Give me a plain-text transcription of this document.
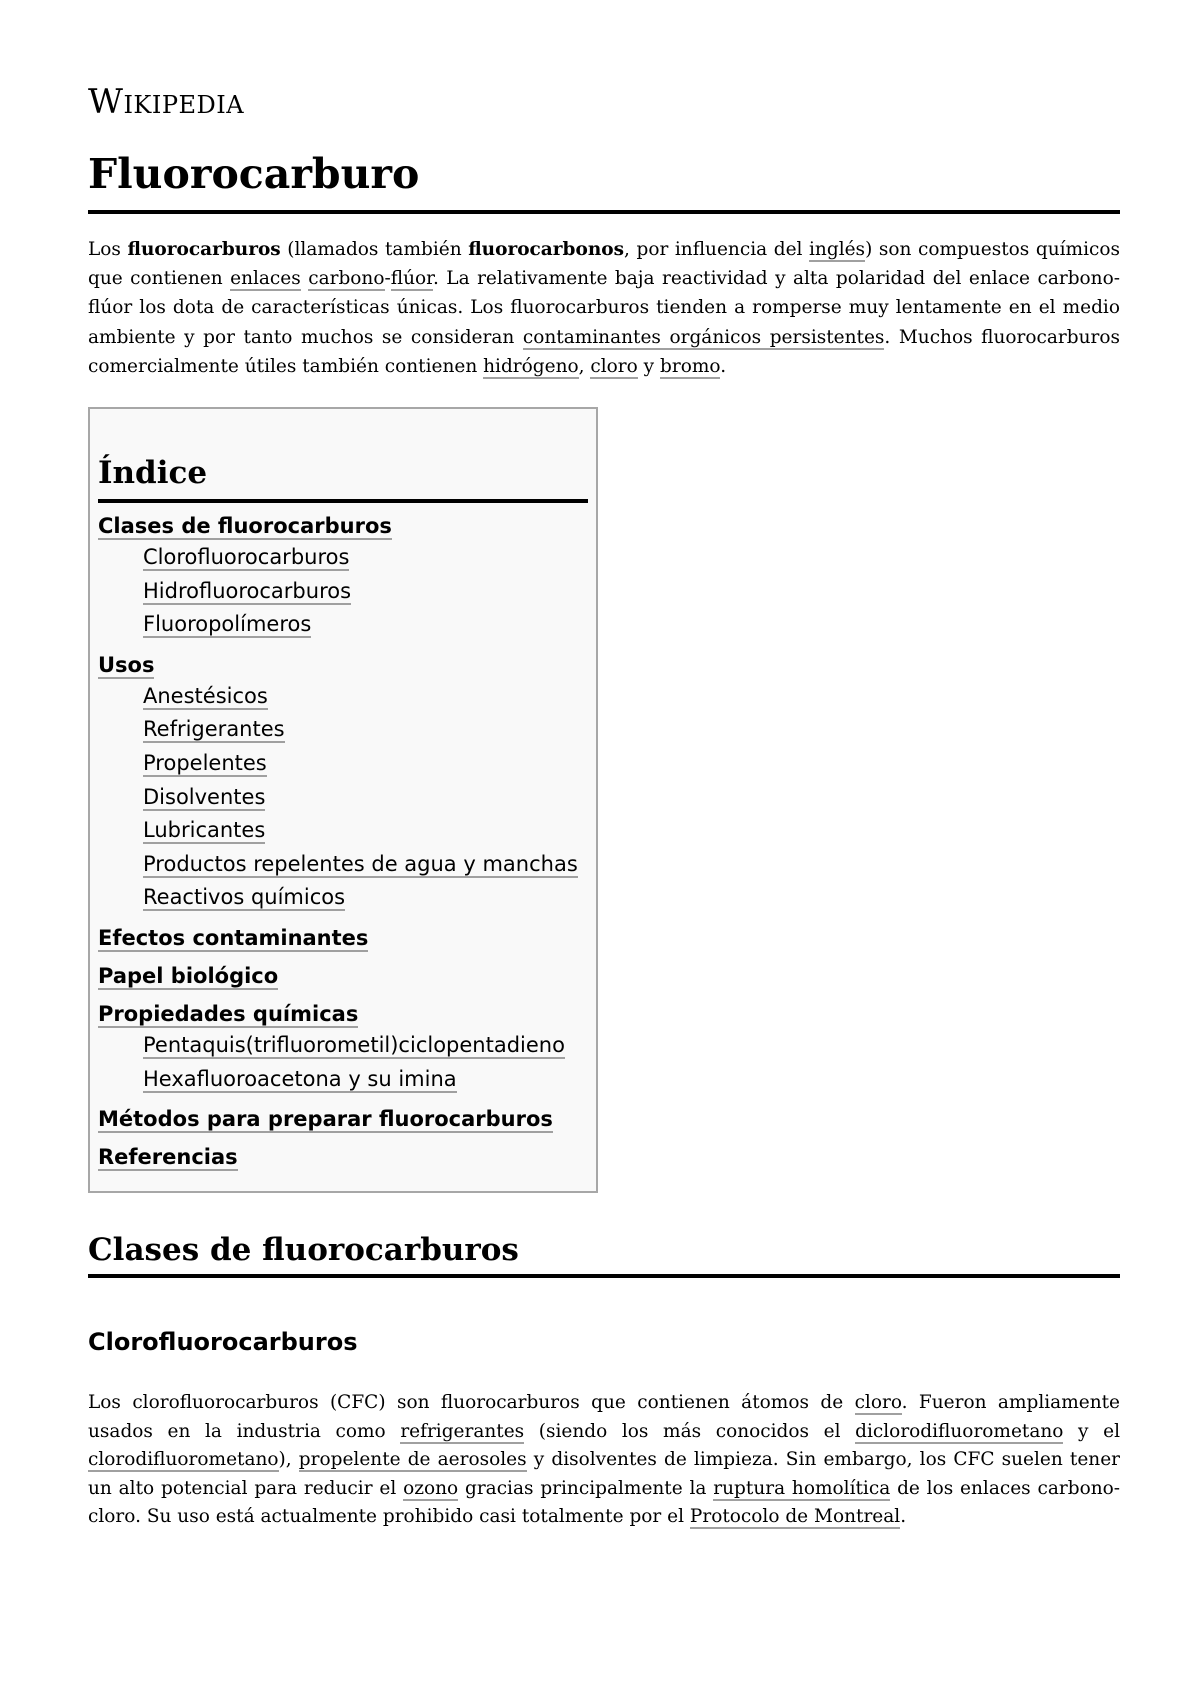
Wikipedia
Fluorocarburo

Los fluorocarburos (llamados también fluorocarbonos, por influencia del inglés) son compuestos químicos que contienen enlaces carbono-flúor. La relativamente baja reactividad y alta polaridad del enlace carbono-flúor los dota de características únicas. Los fluorocarburos tienden a romperse muy lentamente en el medio ambiente y por tanto muchos se consideran contaminantes orgánicos persistentes. Muchos fluorocarburos comercialmente útiles también contienen hidrógeno, cloro y bromo.

Índice
Clases de fluorocarburos
Clorofluorocarburos
Hidrofluorocarburos
Fluoropolímeros
Usos
Anestésicos
Refrigerantes
Propelentes
Disolventes
Lubricantes
Productos repelentes de agua y manchas
Reactivos químicos
Efectos contaminantes
Papel biológico
Propiedades químicas
Pentaquis(trifluorometil)ciclopentadieno
Hexafluoroacetona y su imina
Métodos para preparar fluorocarburos
Referencias
Clases de fluorocarburos
Clorofluorocarburos

Los clorofluorocarburos (CFC) son fluorocarburos que contienen átomos de cloro. Fueron ampliamente usados en la industria como refrigerantes (siendo los más conocidos el diclorodifluorometano y el clorodifluorometano), propelente de aerosoles y disolventes de limpieza. Sin embargo, los CFC suelen tener un alto potencial para reducir el ozono gracias principalmente la ruptura homolítica de los enlaces carbono-cloro. Su uso está actualmente prohibido casi totalmente por el Protocolo de Montreal.
